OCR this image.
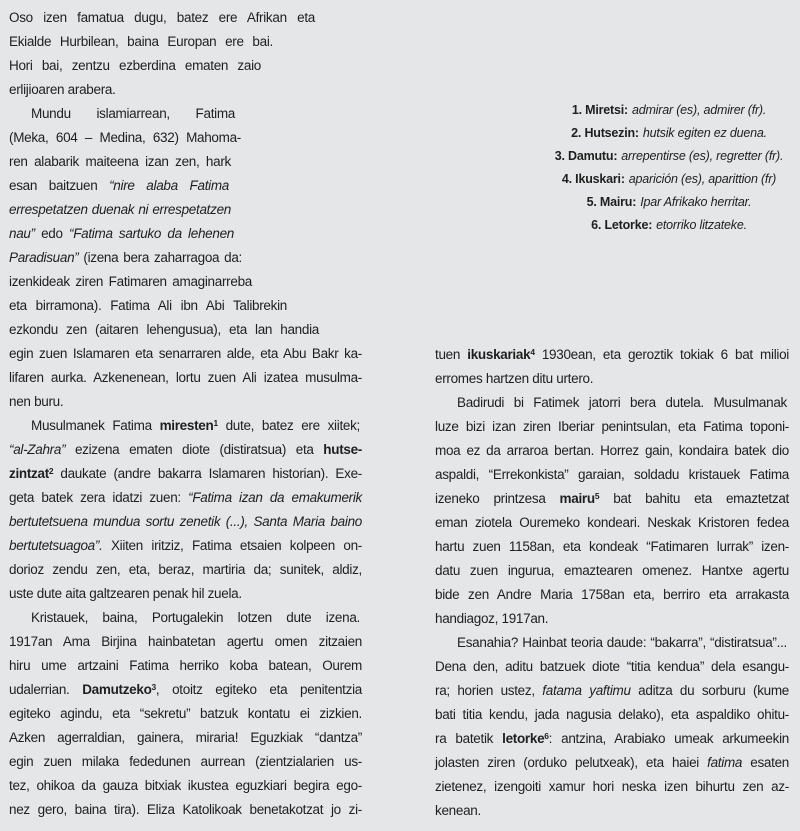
Oso izen famatua dugu, batez ere Afrikan eta
Ekialde Hurbilean, baina Europan ere bai.
Hori bai, zentzu ezberdina ematen zaio
erlijioaren arabera.
Mundu islamiarrean, Fatima
(Meka, 604 – Medina, 632) Mahoma-
ren alabarik maiteena izan zen, hark
esan baitzuen “nire alaba Fatima
errespetatzen duenak ni errespetatzen
nau” edo “Fatima sartuko da lehenen
Paradisuan” (izena bera zaharragoa da:
izenkideak ziren Fatimaren amaginarreba
eta birramona). Fatima Ali ibn Abi Talibrekin
ezkondu zen (aitaren lehengusua), eta lan handia
egin zuen Islamaren eta senarraren alde, eta Abu Bakr ka-
lifaren aurka. Azkenenean, lortu zuen Ali izatea musulma-
nen buru.
Musulmanek Fatima miresten$^1$ dute, batez ere xiitek;
“al-Zahra” ezizena ematen diote (distiratsua) eta hutse-
zintzat$^2$ daukate (andre bakarra Islamaren historian). Exe-
geta batek zera idatzi zuen: “Fatima izan da emakumerik
bertutetsuena mundua sortu zenetik (...), Santa Maria baino
bertutetsuagoa”. Xiiten iritziz, Fatima etsaien kolpeen on-
dorioz zendu zen, eta, beraz, martiria da; sunitek, aldiz,
uste dute aita galtzearen penak hil zuela.
Kristauek, baina, Portugalekin lotzen dute izena.
1917an Ama Birjina hainbatetan agertu omen zitzaien
hiru ume artzaini Fatima herriko koba batean, Ourem
udalerrian. Damutzeko$^3$, otoitz egiteko eta penitentzia
egiteko agindu, eta “sekretu” batzuk kontatu ei zizkien.
Azken agerraldian, gainera, miraria! Eguzkiak “dantza”
egin zuen milaka fededunen aurrean (zientzialarien us-
tez, ohikoa da gauza bitxiak ikustea eguzkiari begira ego-
nez gero, baina tira). Eliza Katolikoak benetakotzat jo zi-
1. Miretsi: admirar (es), admirer (fr).
2. Hutsezin: hutsik egiten ez duena.
3. Damutu: arrepentirse (es), regretter (fr).
4. Ikuskari: aparición (es), aparittion (fr)
5. Mairu: Ipar Afrikako herritar.
6. Letorke: etorriko litzateke.
tuen ikuskariak$^4$ 1930ean, eta geroztik tokiak 6 bat milioi
erromes hartzen ditu urtero.
Badirudi bi Fatimek jatorri bera dutela. Musulmanak
luze bizi izan ziren Iberiar penintsulan, eta Fatima toponi-
moa ez da arraroa bertan. Horrez gain, kondaira batek dio
aspaldi, “Errekonkista” garaian, soldadu kristauek Fatima
izeneko printzesa mairu$^5$ bat bahitu eta emaztetzat
eman ziotela Ouremeko kondeari. Neskak Kristoren fedea
hartu zuen 1158an, eta kondeak “Fatimaren lurrak” izen-
datu zuen ingurua, emaztearen omenez. Hantxe agertu
bide zen Andre Maria 1758an eta, berriro eta arrakasta
handiagoz, 1917an.
Esanahia? Hainbat teoria daude: “bakarra”, “distiratsua”...
Dena den, aditu batzuek diote “titia kendua” dela esangu-
ra; horien ustez, fatama yaftimu aditza du sorburu (kume
bati titia kendu, jada nagusia delako), eta aspaldiko ohitu-
ra batetik letorke$^6$: antzina, Arabiako umeak arkumeekin
jolasten ziren (orduko pelutxeak), eta haiei fatima esaten
zietenez, izengoiti xamur hori neska izen bihurtu zen az-
kenean.
